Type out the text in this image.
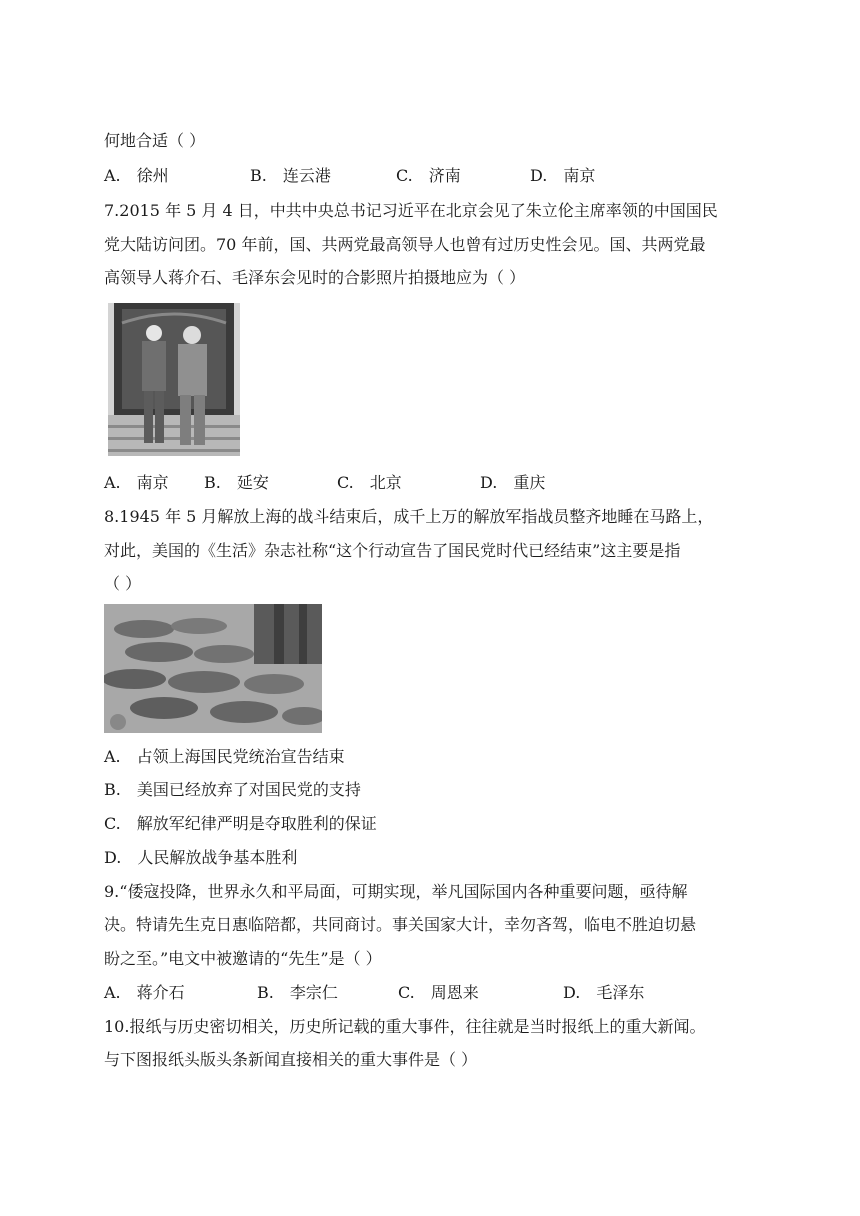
何地合适（ ）
A.　徐州	B.　连云港	C.　济南	D.　南京
7.2015 年 5 月 4 日，中共中央总书记习近平在北京会见了朱立伦主席率领的中国国民
党大陆访问团。70 年前，国、共两党最高领导人也曾有过历史性会见。国、共两党最
高领导人蒋介石、毛泽东会见时的合影照片拍摄地应为（ ）
A.　南京 B.　延安	C.　北京	D.　重庆
8.1945 年 5 月解放上海的战斗结束后，成千上万的解放军指战员整齐地睡在马路上，
对此，美国的《生活》杂志社称“这个行动宣告了国民党时代已经结束”这主要是指
（ ）
A.　占领上海国民党统治宣告结束
B.　美国已经放弃了对国民党的支持
C.　解放军纪律严明是夺取胜利的保证
D.　人民解放战争基本胜利
9.“倭寇投降，世界永久和平局面，可期实现，举凡国际国内各种重要问题，亟待解
决。特请先生克日惠临陪都，共同商讨。事关国家大计，幸勿吝驾，临电不胜迫切悬
盼之至。”电文中被邀请的“先生”是（ ）
A.　蒋介石	B.　李宗仁	C.　周恩来	D.　毛泽东
10.报纸与历史密切相关，历史所记载的重大事件，往往就是当时报纸上的重大新闻。
与下图报纸头版头条新闻直接相关的重大事件是（ ）
